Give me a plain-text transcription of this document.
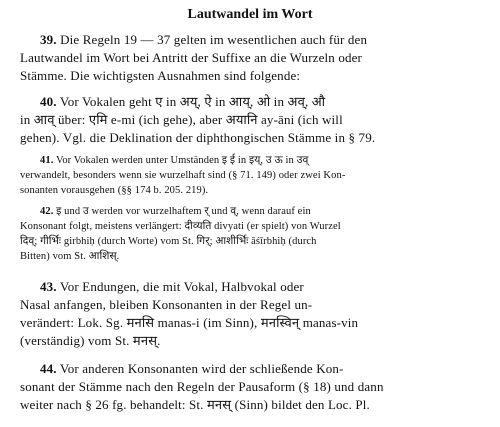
Lautwandel im Wort
39. Die Regeln 19 — 37 gelten im wesentlichen auch für den
Lautwandel im Wort bei Antritt der Suffixe an die Wurzeln oder
Stämme. Die wichtigsten Ausnahmen sind folgende:
40. Vor Vokalen geht ए in अय्, ऐ in आय्, ओ in अव्, औ
in आव् über: एमि e-mi (ich gehe), aber अयानि ay-āni (ich will
gehen). Vgl. die Deklination der diphthongischen Stämme in § 79.
41. Vor Vokalen werden unter Umständen इ ई in इय्, उ ऊ in उव्
verwandelt, besonders wenn sie wurzelhaft sind (§ 71. 149) oder zwei Kon-
sonanten vorausgehen (§§ 174 b. 205. 219).
42. इ und उ werden vor wurzelhaftem र् und व्, wenn darauf ein
Konsonant folgt, meistens verlängert: दीव्यति divyati (er spielt) von Wurzel
दिव्; गीर्भिः girbhiḥ (durch Worte) vom St. गिर्; आशीर्भिः āśīrbhiḥ (durch
Bitten) vom St. आशिस्.
43. Vor Endungen, die mit Vokal, Halbvokal oder
Nasal anfangen, bleiben Konsonanten in der Regel un-
verändert: Lok. Sg. मनसि manas-i (im Sinn), मनस्विन् manas-vin
(verständig) vom St. मनस्.
44. Vor anderen Konsonanten wird der schließende Kon-
sonant der Stämme nach den Regeln der Pausaform (§ 18) und dann
weiter nach § 26 fg. behandelt: St. मनस् (Sinn) bildet den Loc. Pl.
